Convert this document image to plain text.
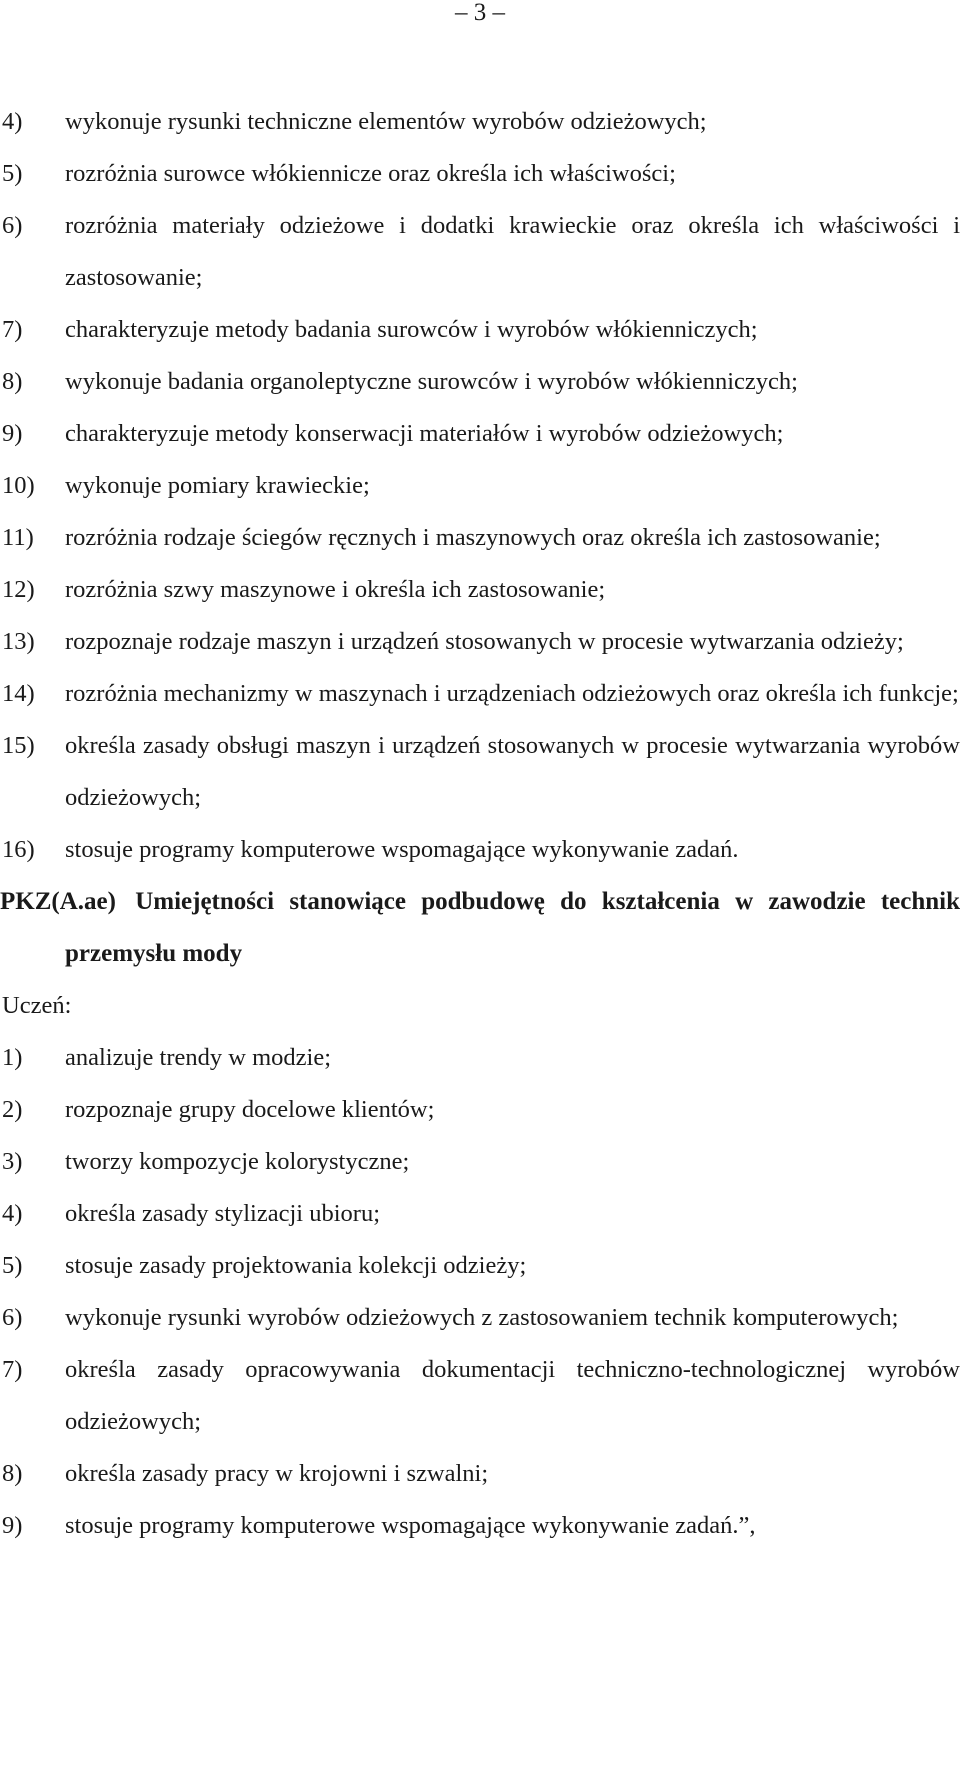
– 3 –
4) wykonuje rysunki techniczne elementów wyrobów odzieżowych;
5) rozróżnia surowce włókiennicze oraz określa ich właściwości;
6) rozróżnia materiały odzieżowe i dodatki krawieckie oraz określa ich właściwości i zastosowanie;
7) charakteryzuje metody badania surowców i wyrobów włókienniczych;
8) wykonuje badania organoleptyczne surowców i wyrobów włókienniczych;
9) charakteryzuje metody konserwacji materiałów i wyrobów odzieżowych;
10) wykonuje pomiary krawieckie;
11) rozróżnia rodzaje ściegów ręcznych i maszynowych oraz określa ich zastosowanie;
12) rozróżnia szwy maszynowe i określa ich zastosowanie;
13) rozpoznaje rodzaje maszyn i urządzeń stosowanych w procesie wytwarzania odzieży;
14) rozróżnia mechanizmy w maszynach i urządzeniach odzieżowych oraz określa ich funkcje;
15) określa zasady obsługi maszyn i urządzeń stosowanych w procesie wytwarzania wyrobów odzieżowych;
16) stosuje programy komputerowe wspomagające wykonywanie zadań.
PKZ(A.ae) Umiejętności stanowiące podbudowę do kształcenia w zawodzie technik przemysłu mody
Uczeń:
1) analizuje trendy w modzie;
2) rozpoznaje grupy docelowe klientów;
3) tworzy kompozycje kolorystyczne;
4) określa zasady stylizacji ubioru;
5) stosuje zasady projektowania kolekcji odzieży;
6) wykonuje rysunki wyrobów odzieżowych z zastosowaniem technik komputerowych;
7) określa zasady opracowywania dokumentacji techniczno-technologicznej wyrobów odzieżowych;
8) określa zasady pracy w krojowni i szwalni;
9) stosuje programy komputerowe wspomagające wykonywanie zadań.”,
